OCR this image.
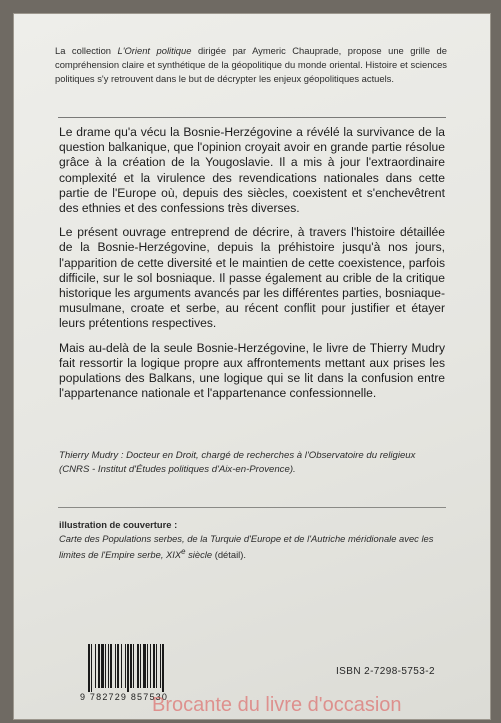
La collection L'Orient politique dirigée par Aymeric Chauprade, propose une grille de compréhension claire et synthétique de la géopolitique du monde oriental. Histoire et sciences politiques s'y retrouvent dans le but de décrypter les enjeux géopolitiques actuels.

Le drame qu'a vécu la Bosnie-Herzégovine a révélé la survivance de la question balkanique, que l'opinion croyait avoir en grande partie résolue grâce à la création de la Yougoslavie. Il a mis à jour l'extraordinaire complexité et la virulence des revendications nationales dans cette partie de l'Europe où, depuis des siècles, coexistent et s'enchevêtrent des ethnies et des confessions très diverses.

Le présent ouvrage entreprend de décrire, à travers l'histoire détaillée de la Bosnie-Herzégovine, depuis la préhistoire jusqu'à nos jours, l'apparition de cette diversité et le maintien de cette coexistence, parfois difficile, sur le sol bosniaque. Il passe également au crible de la critique historique les arguments avancés par les différentes parties, bosniaque-musulmane, croate et serbe, au récent conflit pour justifier et étayer leurs prétentions respectives.

Mais au-delà de la seule Bosnie-Herzégovine, le livre de Thierry Mudry fait ressortir la logique propre aux affrontements mettant aux prises les populations des Balkans, une logique qui se lit dans la confusion entre l'appartenance nationale et l'appartenance confessionnelle.

Thierry Mudry : Docteur en Droit, chargé de recherches à l'Observatoire du religieux (CNRS - Institut d'Études politiques d'Aix-en-Provence).
illustration de couverture :
Carte des Populations serbes, de la Turquie d'Europe et de l'Autriche méridionale avec les limites de l'Empire serbe, XIXe siècle (détail).
9 782729 857530
ISBN 2-7298-5753-2
Brocante du livre d'occasion
